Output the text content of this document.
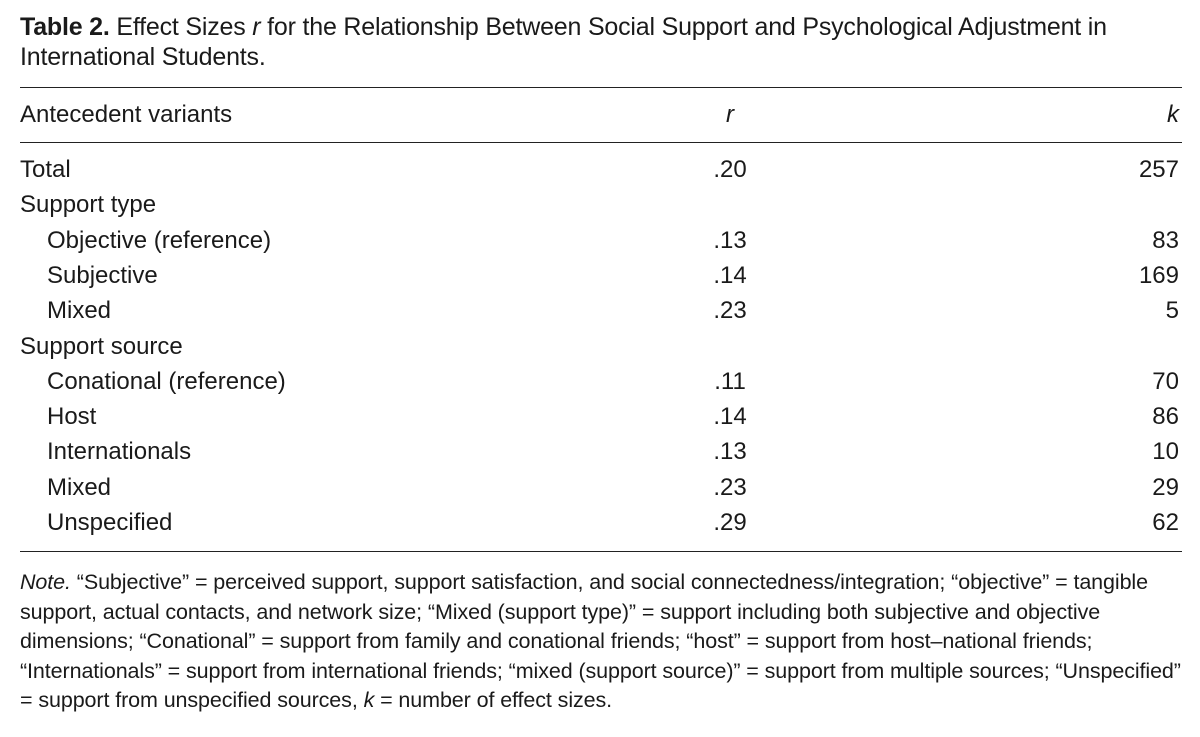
Table 2. Effect Sizes r for the Relationship Between Social Support and Psychological Adjustment in International Students.

Antecedent variants	r	k
Total	.20	257
Support type
Objective (reference)	.13	83
Subjective	.14	169
Mixed	.23	5
Support source
Conational (reference)	.11	70
Host	.14	86
Internationals	.13	10
Mixed	.23	29
Unspecified	.29	62

Note. “Subjective” = perceived support, support satisfaction, and social connectedness/integration; “objective” = tangible support, actual contacts, and network size; “Mixed (support type)” = support including both subjective and objective dimensions; “Conational” = support from family and conational friends; “host” = support from host–national friends; “Internationals” = support from international friends; “mixed (support source)” = support from multiple sources; “Unspecified” = support from unspecified sources, k = number of effect sizes.
